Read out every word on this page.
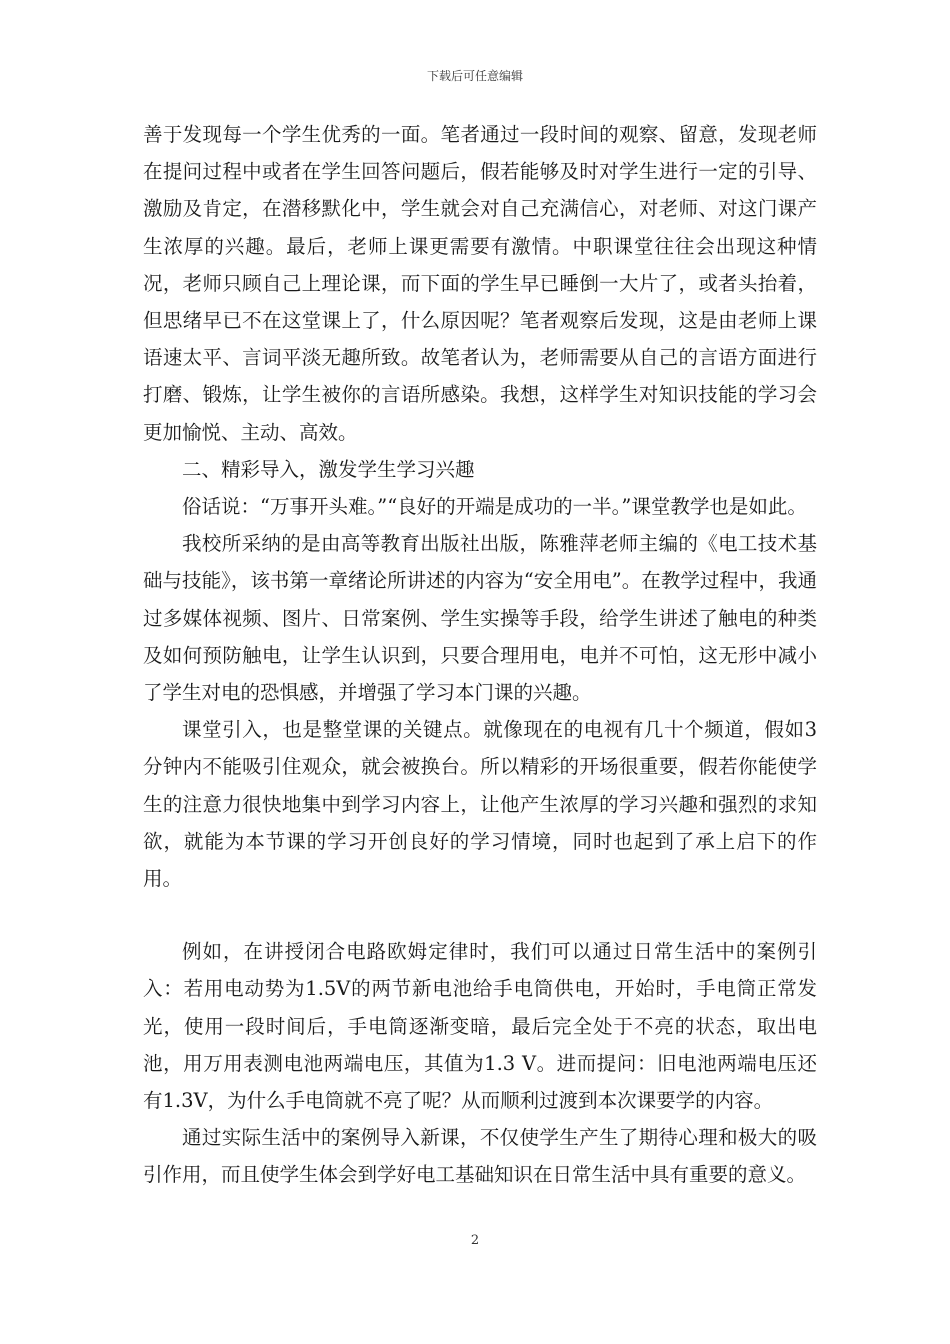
下载后可任意编辑

善于发现每一个学生优秀的一面。笔者通过一段时间的观察、留意，发现老师在提问过程中或者在学生回答问题后，假若能够及时对学生进行一定的引导、激励及肯定，在潜移默化中，学生就会对自己充满信心，对老师、对这门课产生浓厚的兴趣。最后，老师上课更需要有激情。中职课堂往往会出现这种情况，老师只顾自己上理论课，而下面的学生早已睡倒一大片了，或者头抬着，但思绪早已不在这堂课上了，什么原因呢？笔者观察后发现，这是由老师上课语速太平、言词平淡无趣所致。故笔者认为，老师需要从自己的言语方面进行打磨、锻炼，让学生被你的言语所感染。我想，这样学生对知识技能的学习会更加愉悦、主动、高效。

二、精彩导入，激发学生学习兴趣

俗话说：“万事开头难。”“良好的开端是成功的一半。”课堂教学也是如此。

我校所采纳的是由高等教育出版社出版，陈雅萍老师主编的《电工技术基础与技能》，该书第一章绪论所讲述的内容为“安全用电”。在教学过程中，我通过多媒体视频、图片、日常案例、学生实操等手段，给学生讲述了触电的种类及如何预防触电，让学生认识到，只要合理用电，电并不可怕，这无形中减小了学生对电的恐惧感，并增强了学习本门课的兴趣。

课堂引入，也是整堂课的关键点。就像现在的电视有几十个频道，假如3分钟内不能吸引住观众，就会被换台。所以精彩的开场很重要，假若你能使学生的注意力很快地集中到学习内容上，让他产生浓厚的学习兴趣和强烈的求知欲，就能为本节课的学习开创良好的学习情境，同时也起到了承上启下的作用。

例如，在讲授闭合电路欧姆定律时，我们可以通过日常生活中的案例引入：若用电动势为1.5V的两节新电池给手电筒供电，开始时，手电筒正常发光，使用一段时间后，手电筒逐渐变暗，最后完全处于不亮的状态，取出电池，用万用表测电池两端电压，其值为1.3 V。进而提问：旧电池两端电压还有1.3V，为什么手电筒就不亮了呢？从而顺利过渡到本次课要学的内容。

通过实际生活中的案例导入新课，不仅使学生产生了期待心理和极大的吸引作用，而且使学生体会到学好电工基础知识在日常生活中具有重要的意义。

2
